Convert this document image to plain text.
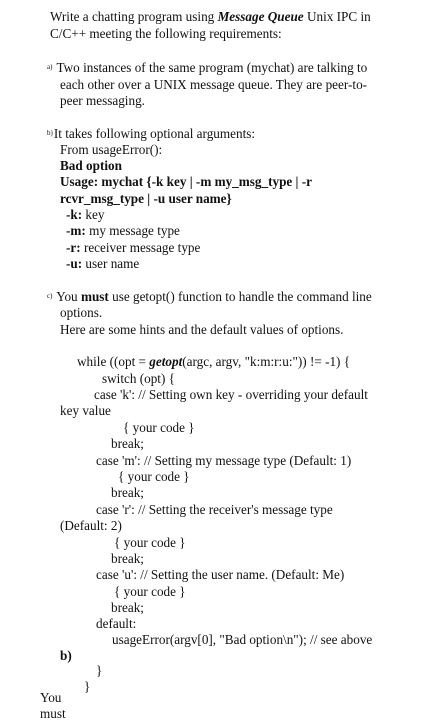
Write a chatting program using Message Queue Unix IPC in
C/C++ meeting the following requirements:
$^{a)}$ Two instances of the same program (mychat) are talking to
each other over a UNIX message queue. They are peer-to-
peer messaging.
$^{b)}$It takes following optional arguments:
From usageError():
Bad option
Usage: mychat {-k key | -m my_msg_type | -r
rcvr_msg_type | -u user name}
-k: key
-m: my message type
-r: receiver message type
-u: user name
$^{c)}$ You must use getopt() function to handle the command line
options.
Here are some hints and the default values of options.
while ((opt = getopt(argc, argv, "k:m:r:u:")) != -1) {
switch (opt) {
case 'k': // Setting own key - overriding your default
key value
{ your code }
break;
case 'm': // Setting my message type (Default: 1)
{ your code }
break;
case 'r': // Setting the receiver's message type
(Default: 2)
{ your code }
break;
case 'u': // Setting the user name. (Default: Me)
{ your code }
break;
default:
usageError(argv[0], "Bad option\n"); // see above
b)
}
}
You must
